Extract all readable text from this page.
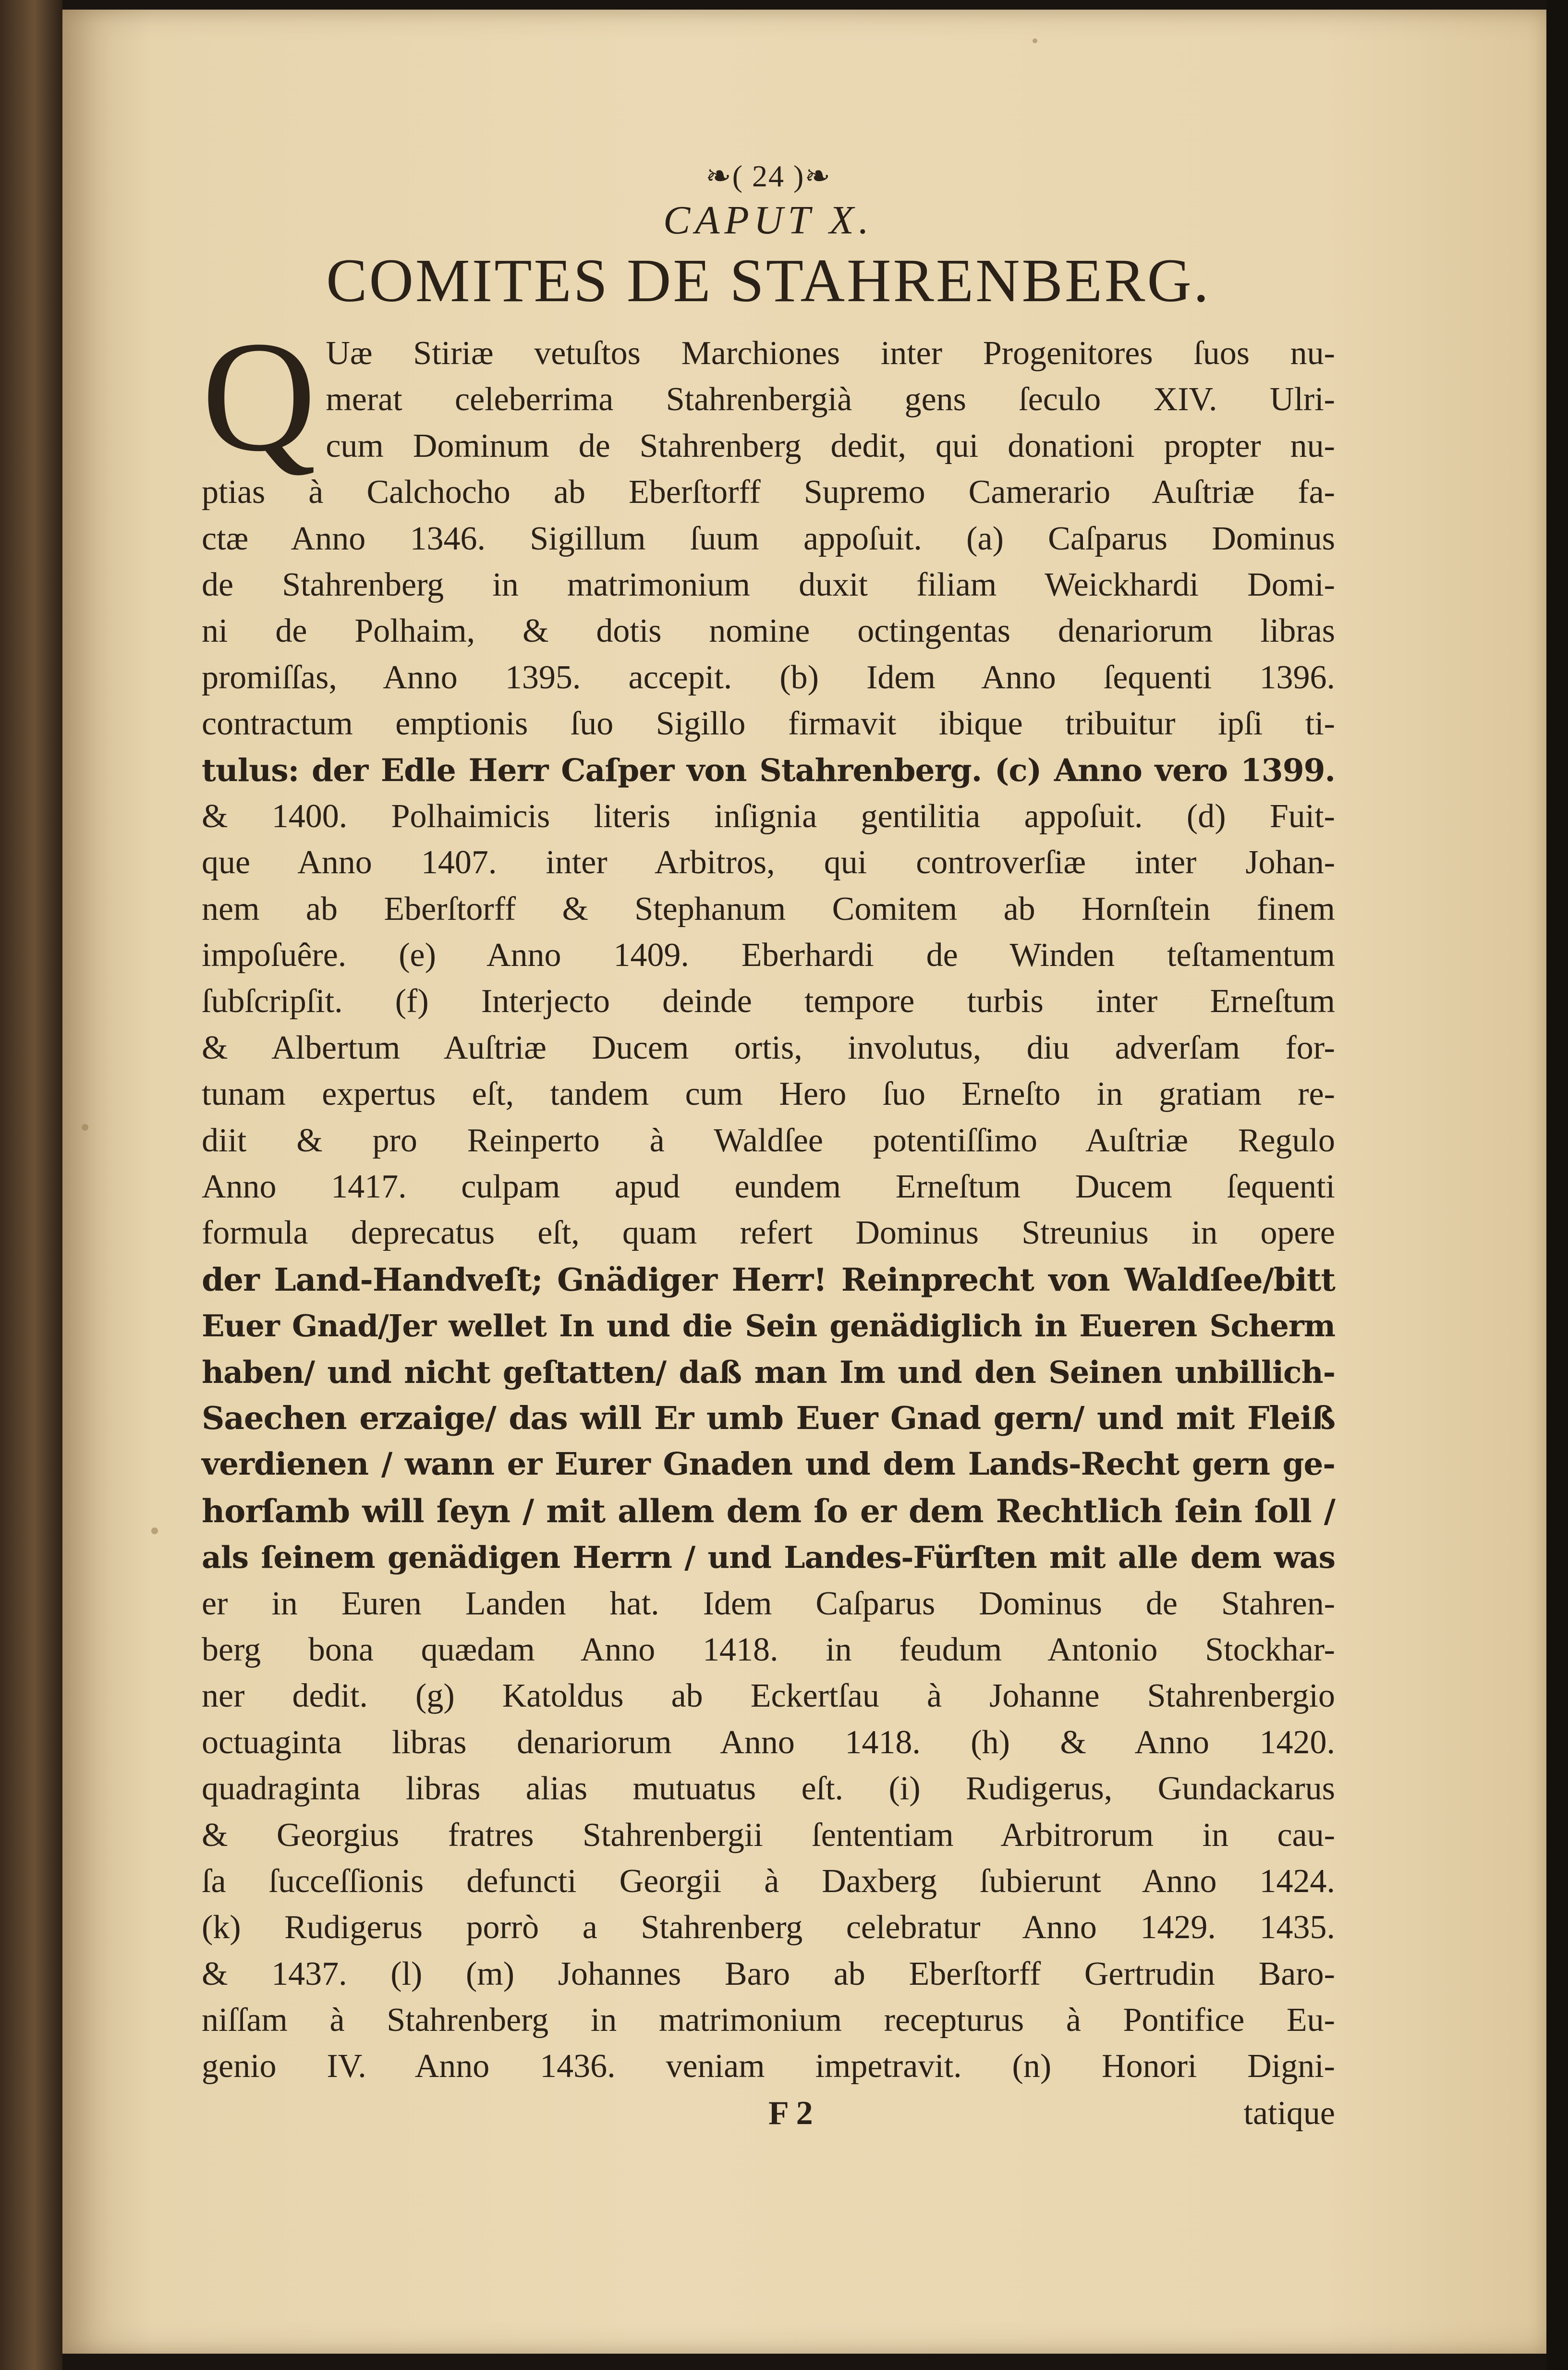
❧( 24 )❧
CAPUT X.
COMITES DE STAHRENBERG.
Q Uæ Stiriæ vetuſtos Marchiones inter Progenitores ſuos nu-
merat celeberrima Stahrenbergià gens ſeculo XIV. Ulri-
cum Dominum de Stahrenberg dedit, qui donationi propter nu-
ptias à Calchocho ab Eberſtorff Supremo Camerario Auſtriæ fa-
ctæ Anno 1346. Sigillum ſuum appoſuit. (a) Caſparus Dominus
de Stahrenberg in matrimonium duxit filiam Weickhardi Domi-
ni de Polhaim, & dotis nomine octingentas denariorum libras
promiſſas, Anno 1395. accepit. (b) Idem Anno ſequenti 1396.
contractum emptionis ſuo Sigillo firmavit ibique tribuitur ipſi ti-
tulus: der Edle Herr Caſper von Stahrenberg. (c) Anno vero 1399.
& 1400. Polhaimicis literis inſignia gentilitia appoſuit. (d) Fuit-
que Anno 1407. inter Arbitros, qui controverſiæ inter Johan-
nem ab Eberſtorff & Stephanum Comitem ab Hornſtein finem
impoſuêre. (e) Anno 1409. Eberhardi de Winden teſtamentum
ſubſcripſit. (f) Interjecto deinde tempore turbis inter Erneſtum
& Albertum Auſtriæ Ducem ortis, involutus, diu adverſam for-
tunam expertus eſt, tandem cum Hero ſuo Erneſto in gratiam re-
diit & pro Reinperto à Waldſee potentiſſimo Auſtriæ Regulo
Anno 1417. culpam apud eundem Erneſtum Ducem ſequenti
formula deprecatus eſt, quam refert Dominus Streunius in opere
der Land-Handveſt; Gnädiger Herr! Reinprecht von Waldſee/bitt
Euer Gnad/Jer wellet In und die Sein genädiglich in Eueren Scherm
haben/ und nicht geſtatten/ daß man Im und den Seinen unbillich-
Saechen erzaige/ das will Er umb Euer Gnad gern/ und mit Fleiß
verdienen / wann er Eurer Gnaden und dem Lands-Recht gern ge-
horſamb will ſeyn / mit allem dem ſo er dem Rechtlich ſein ſoll /
als ſeinem genädigen Herrn / und Landes-Fürſten mit alle dem was
er in Euren Landen hat. Idem Caſparus Dominus de Stahren-
berg bona quædam Anno 1418. in feudum Antonio Stockhar-
ner dedit. (g) Katoldus ab Eckertſau à Johanne Stahrenbergio
octuaginta libras denariorum Anno 1418. (h) & Anno 1420.
quadraginta libras alias mutuatus eſt. (i) Rudigerus, Gundackarus
& Georgius fratres Stahrenbergii ſententiam Arbitrorum in cau-
ſa ſucceſſionis defuncti Georgii à Daxberg ſubierunt Anno 1424.
(k) Rudigerus porrò a Stahrenberg celebratur Anno 1429. 1435.
& 1437. (l) (m) Johannes Baro ab Eberſtorff Gertrudin Baro-
niſſam à Stahrenberg in matrimonium recepturus à Pontifice Eu-
genio IV. Anno 1436. veniam impetravit. (n) Honori Digni-
F 2	tatique
